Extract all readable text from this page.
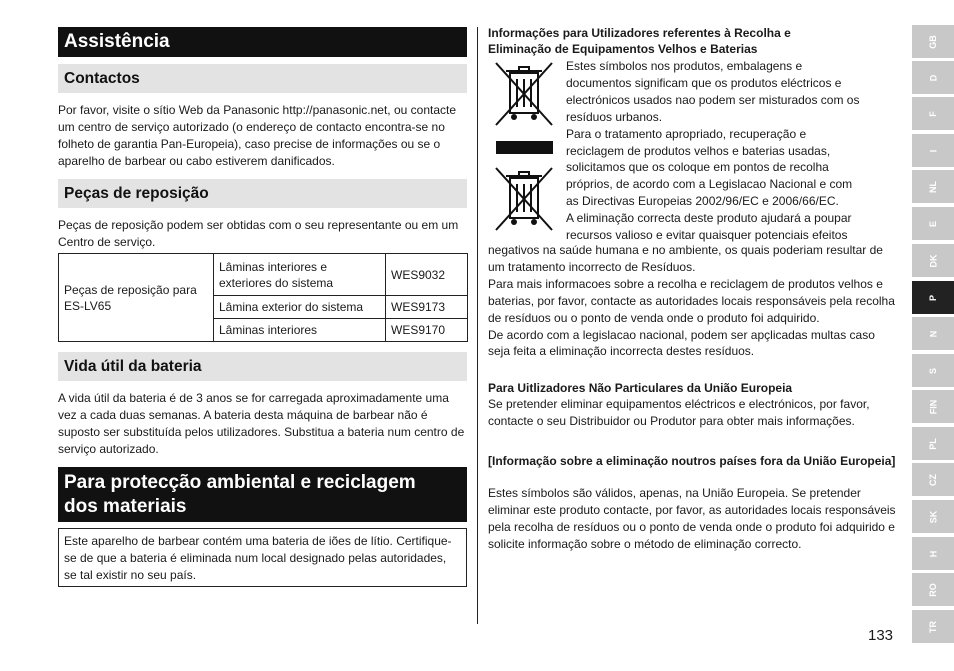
Assistência
Contactos
Por favor, visite o sítio Web da Panasonic http://panasonic.net, ou contacte um centro de serviço autorizado (o endereço de contacto encontra-se no folheto de garantia Pan-Europeia), caso precise de informações ou se o aparelho de barbear ou cabo estiverem danificados.
Peças de reposição
Peças de reposição podem ser obtidas com o seu representante ou em um Centro de serviço.
Peças de reposição para ES-LV65	Lâminas interiores e exteriores do sistema	WES9032
	Lâmina exterior do sistema	WES9173
	Lâminas interiores	WES9170
Vida útil da bateria
A vida útil da bateria é de 3 anos se for carregada aproximadamente uma vez a cada duas semanas. A bateria desta máquina de barbear não é suposto ser substituída pelos utilizadores. Substitua a bateria num centro de serviço autorizado.
Para protecção ambiental e reciclagem
dos materiais
Este aparelho de barbear contém uma bateria de iões de lítio. Certifique-se de que a bateria é eliminada num local designado pelas autoridades, se tal existir no seu país.
Informações para Utilizadores referentes à Recolha e
Eliminação de Equipamentos Velhos e Baterias
Estes símbolos nos produtos, embalagens e
documentos significam que os produtos eléctricos e
electrónicos usados nao podem ser misturados com os
resíduos urbanos.
Para o tratamento apropriado, recuperação e
reciclagem de produtos velhos e baterias usadas,
solicitamos que os coloque em pontos de recolha
próprios, de acordo com a Legislacao Nacional e com
as Directivas Europeias 2002/96/EC e 2006/66/EC.
A eliminação correcta deste produto ajudará a poupar
recursos valioso e evitar quaisquer potenciais efeitos
negativos na saúde humana e no ambiente, os quais poderiam resultar de um tratamento incorrecto de Resíduos.
Para mais informacoes sobre a recolha e reciclagem de produtos velhos e baterias, por favor, contacte as autoridades locais responsáveis pela recolha de resíduos ou o ponto de venda onde o produto foi adquirido.
De acordo com a legislacao nacional, podem ser apçlicadas multas caso seja feita a eliminação incorrecta destes resíduos.
Para Uitlizadores Não Particulares da União Europeia
Se pretender eliminar equipamentos eléctricos e electrónicos, por favor, contacte o seu Distribuidor ou Produtor para obter mais informações.
[Informação sobre a eliminação noutros países fora da União Europeia]
Estes símbolos são válidos, apenas, na União Europeia. Se pretender eliminar este produto contacte, por favor, as autoridades locais responsáveis pela recolha de resíduos ou o ponto de venda onde o produto foi adquirido e solicite informação sobre o método de eliminação correcto.
133
GB
D
F
I
NL
E
DK
P
N
S
FIN
PL
CZ
SK
H
RO
TR
